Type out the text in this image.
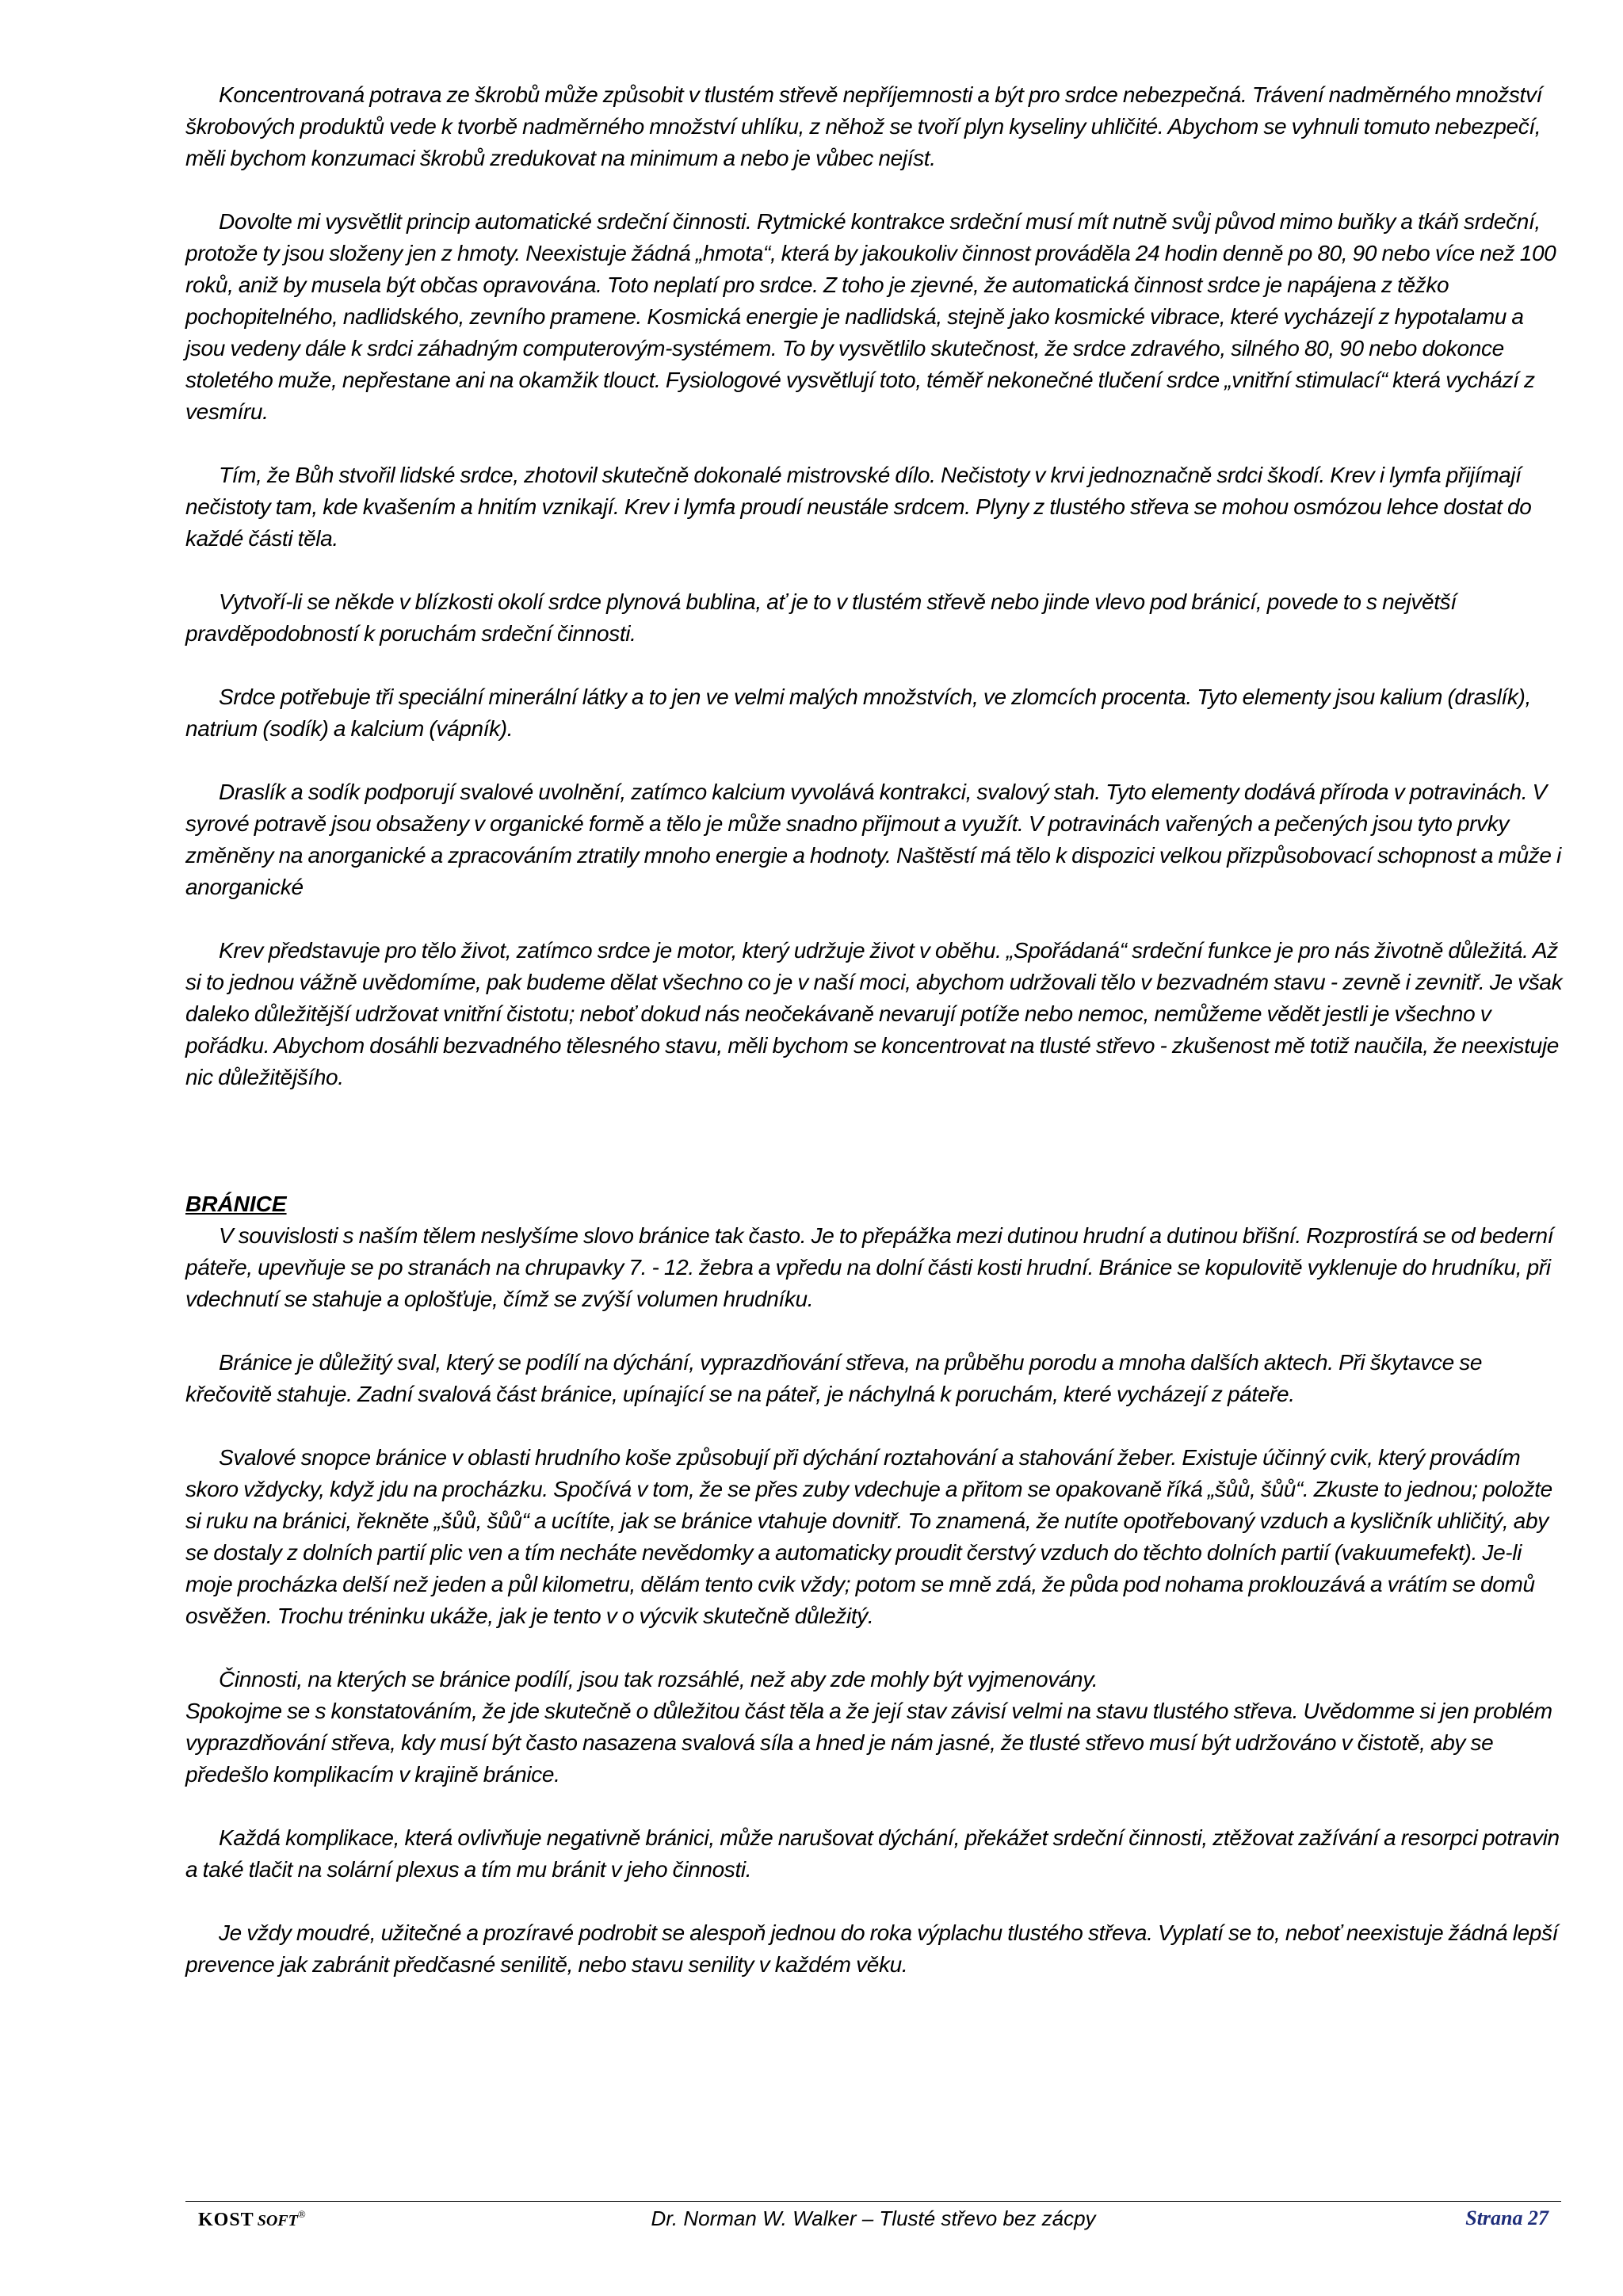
Koncentrovaná potrava ze škrobů může způsobit v tlustém střevě nepříjemnosti a být pro srdce nebezpečná. Trávení nadměrného množství škrobových produktů vede k tvorbě nadměrného množství uhlíku, z něhož se tvoří plyn kyseliny uhličité. Abychom se vyhnuli tomuto nebezpečí, měli bychom konzumaci škrobů zredukovat na minimum a nebo je vůbec nejíst.

Dovolte mi vysvětlit princip automatické srdeční činnosti. Rytmické kontrakce srdeční musí mít nutně svůj původ mimo buňky a tkáň srdeční, protože ty jsou složeny jen z hmoty. Neexistuje žádná „hmota“, která by jakoukoliv činnost prováděla 24 hodin denně po 80, 90 nebo více než 100 roků, aniž by musela být občas opravována. Toto neplatí pro srdce. Z toho je zjevné, že automatická činnost srdce je napájena z těžko pochopitelného, nadlidského, zevního pramene. Kosmická energie je nadlidská, stejně jako kosmické vibrace, které vycházejí z hypotalamu a jsou vedeny dále k srdci záhadným computerovým-systémem. To by vysvětlilo skutečnost, že srdce zdravého, silného 80, 90 nebo dokonce stoletého muže, nepřestane ani na okamžik tlouct. Fysiologové vysvětlují toto, téměř nekonečné tlučení srdce „vnitřní stimulací“ která vychází z vesmíru.

Tím, že Bůh stvořil lidské srdce, zhotovil skutečně dokonalé mistrovské dílo. Nečistoty v krvi jednoznačně srdci škodí. Krev i lymfa přijímají nečistoty tam, kde kvašením a hnitím vznikají. Krev i lymfa proudí neustále srdcem. Plyny z tlustého střeva se mohou osmózou lehce dostat do každé části těla.

Vytvoří-li se někde v blízkosti okolí srdce plynová bublina, ať je to v tlustém střevě nebo jinde vlevo pod bránicí, povede to s největší pravděpodobností k poruchám srdeční činnosti.

Srdce potřebuje tři speciální minerální látky a to jen ve velmi malých množstvích, ve zlomcích procenta. Tyto elementy jsou kalium (draslík), natrium (sodík) a kalcium (vápník).

Draslík a sodík podporují svalové uvolnění, zatímco kalcium vyvolává kontrakci, svalový stah. Tyto elementy dodává příroda v potravinách. V syrové potravě jsou obsaženy v organické formě a tělo je může snadno přijmout a využít. V potravinách vařených a pečených jsou tyto prvky změněny na anorganické a zpracováním ztratily mnoho energie a hodnoty. Naštěstí má tělo k dispozici velkou přizpůsobovací schopnost a může i anorganické

Krev představuje pro tělo život, zatímco srdce je motor, který udržuje život v oběhu. „Spořádaná“ srdeční funkce je pro nás životně důležitá. Až si to jednou vážně uvědomíme, pak budeme dělat všechno co je v naší moci, abychom udržovali tělo v bezvadném stavu - zevně i zevnitř. Je však daleko důležitější udržovat vnitřní čistotu; neboť dokud nás neočekávaně nevarují potíže nebo nemoc, nemůžeme vědět jestli je všechno v pořádku. Abychom dosáhli bezvadného tělesného stavu, měli bychom se koncentrovat na tlusté střevo - zkušenost mě totiž naučila, že neexistuje nic důležitějšího.

BRÁNICE

V souvislosti s naším tělem neslyšíme slovo bránice tak často. Je to přepážka mezi dutinou hrudní a dutinou břišní. Rozprostírá se od bederní páteře, upevňuje se po stranách na chrupavky 7. - 12. žebra a vpředu na dolní části kosti hrudní. Bránice se kopulovitě vyklenuje do hrudníku, při vdechnutí se stahuje a oplošťuje, čímž se zvýší volumen hrudníku.

Bránice je důležitý sval, který se podílí na dýchání, vyprazdňování střeva, na průběhu porodu a mnoha dalších aktech. Při škytavce se křečovitě stahuje. Zadní svalová část bránice, upínající se na páteř, je náchylná k poruchám, které vycházejí z páteře.

Svalové snopce bránice v oblasti hrudního koše způsobují při dýchání roztahování a stahování žeber. Existuje účinný cvik, který provádím skoro vždycky, když jdu na procházku. Spočívá v tom, že se přes zuby vdechuje a přitom se opakovaně říká „šůů, šůů“. Zkuste to jednou; položte si ruku na bránici, řekněte „šůů, šůů“ a ucítíte, jak se bránice vtahuje dovnitř. To znamená, že nutíte opotřebovaný vzduch a kysličník uhličitý, aby se dostaly z dolních partií plic ven a tím necháte nevědomky a automaticky proudit čerstvý vzduch do těchto dolních partií (vakuumefekt). Je-li moje procházka delší než jeden a půl kilometru, dělám tento cvik vždy; potom se mně zdá, že půda pod nohama proklouzává a vrátím se domů osvěžen. Trochu tréninku ukáže, jak je tento v o výcvik skutečně důležitý.

Činnosti, na kterých se bránice podílí, jsou tak rozsáhlé, než aby zde mohly být vyjmenovány.

Spokojme se s konstatováním, že jde skutečně o důležitou část těla a že její stav závisí velmi na stavu tlustého střeva. Uvědomme si jen problém vyprazdňování střeva, kdy musí být často nasazena svalová síla a hned je nám jasné, že tlusté střevo musí být udržováno v čistotě, aby se předešlo komplikacím v krajině bránice.

Každá komplikace, která ovlivňuje negativně bránici, může narušovat dýchání, překážet srdeční činnosti, ztěžovat zažívání a resorpci potravin a také tlačit na solární plexus a tím mu bránit v jeho činnosti.

Je vždy moudré, užitečné a prozíravé podrobit se alespoň jednou do roka výplachu tlustého střeva. Vyplatí se to, neboť neexistuje žádná lepší prevence jak zabránit předčasné senilitě, nebo stavu senility v každém věku.

KOST SOFT®	Dr. Norman W. Walker – Tlusté střevo bez zácpy	Strana 27
